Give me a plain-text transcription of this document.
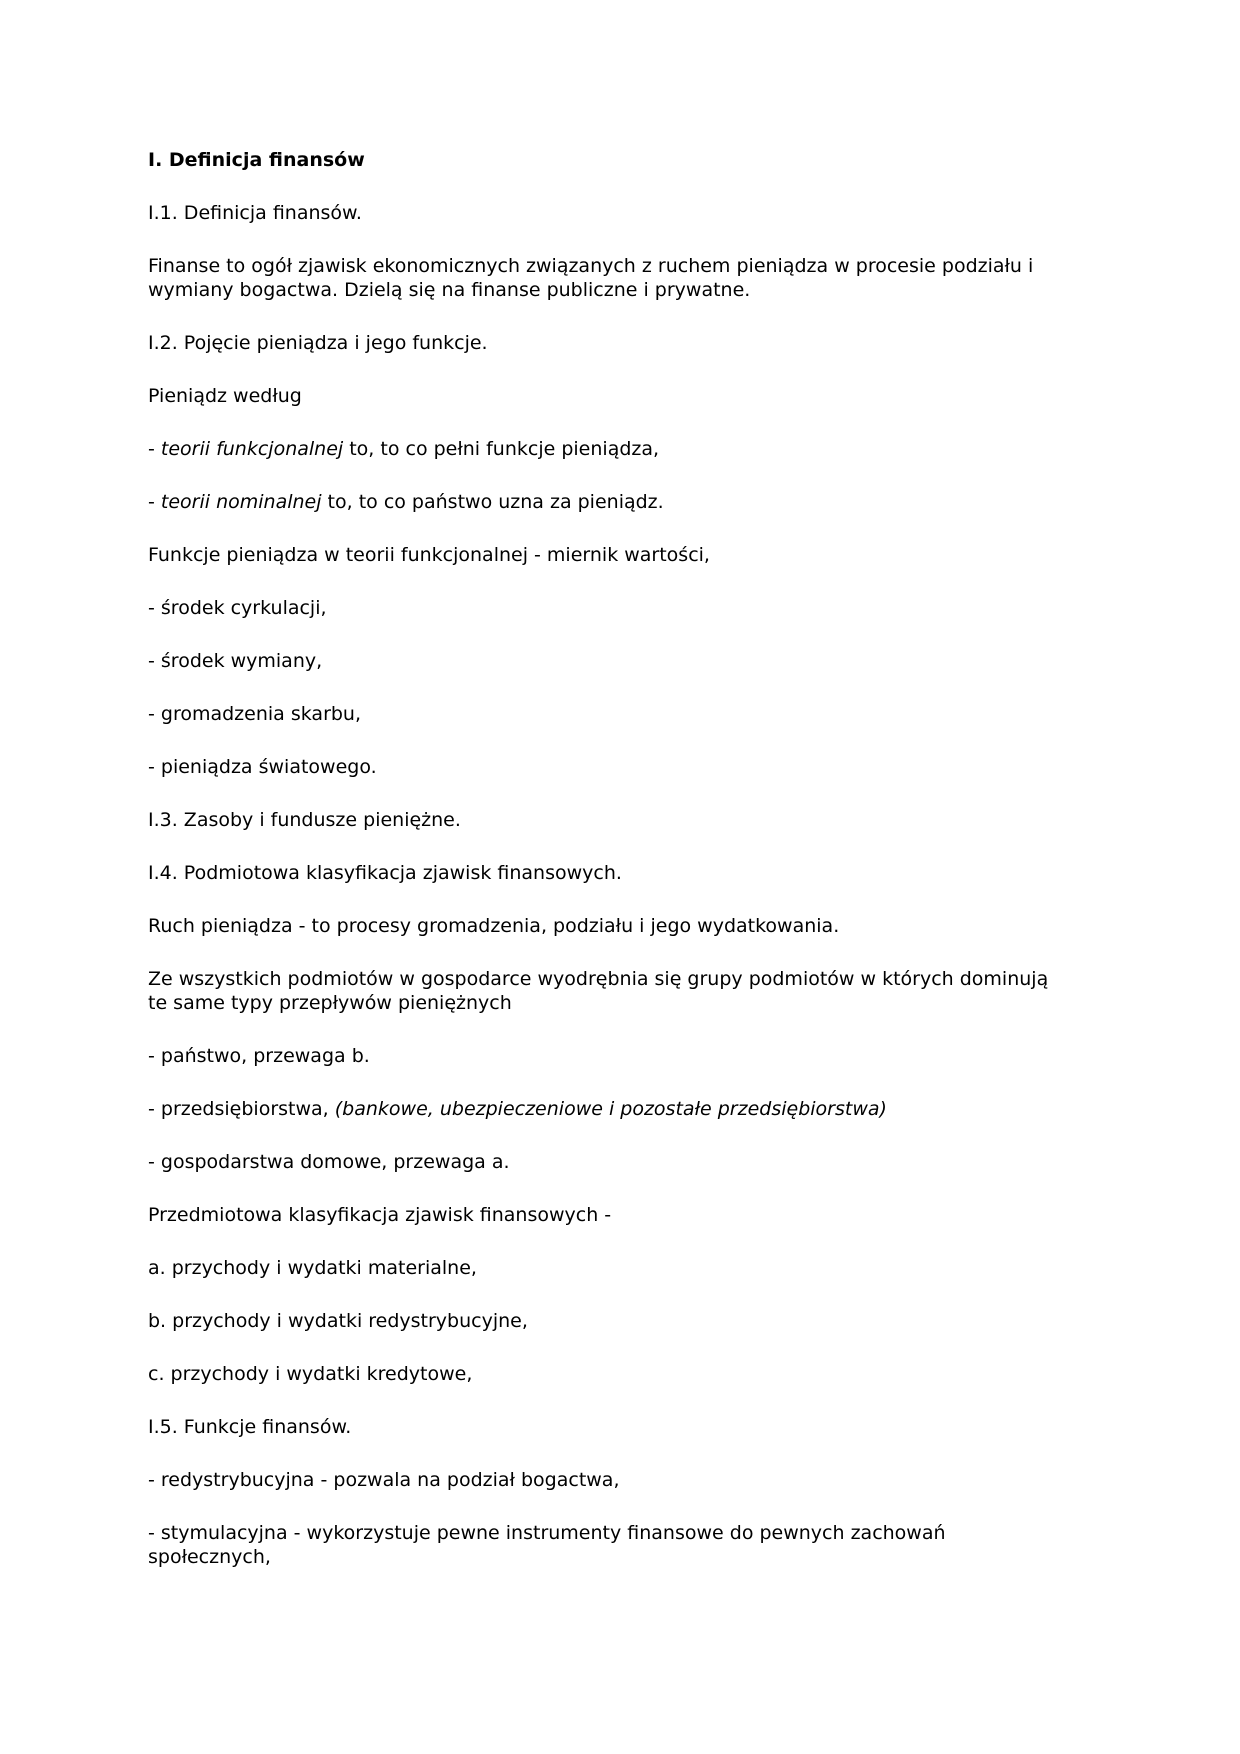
I. Definicja finansów

I.1. Definicja finansów.

Finanse to ogół zjawisk ekonomicznych związanych z ruchem pieniądza w procesie podziału i wymiany bogactwa. Dzielą się na finanse publiczne i prywatne.

I.2. Pojęcie pieniądza i jego funkcje.

Pieniądz według

- teorii funkcjonalnej to, to co pełni funkcje pieniądza,

- teorii nominalnej to, to co państwo uzna za pieniądz.

Funkcje pieniądza w teorii funkcjonalnej - miernik wartości,

- środek cyrkulacji,

- środek wymiany,

- gromadzenia skarbu,

- pieniądza światowego.

I.3. Zasoby i fundusze pieniężne.

I.4. Podmiotowa klasyfikacja zjawisk finansowych.

Ruch pieniądza - to procesy gromadzenia, podziału i jego wydatkowania.

Ze wszystkich podmiotów w gospodarce wyodrębnia się grupy podmiotów w których dominują te same typy przepływów pieniężnych

- państwo, przewaga b.

- przedsiębiorstwa, (bankowe, ubezpieczeniowe i pozostałe przedsiębiorstwa)

- gospodarstwa domowe, przewaga a.

Przedmiotowa klasyfikacja zjawisk finansowych -

a. przychody i wydatki materialne,

b. przychody i wydatki redystrybucyjne,

c. przychody i wydatki kredytowe,

I.5. Funkcje finansów.

- redystrybucyjna - pozwala na podział bogactwa,

- stymulacyjna - wykorzystuje pewne instrumenty finansowe do pewnych zachowań społecznych,
